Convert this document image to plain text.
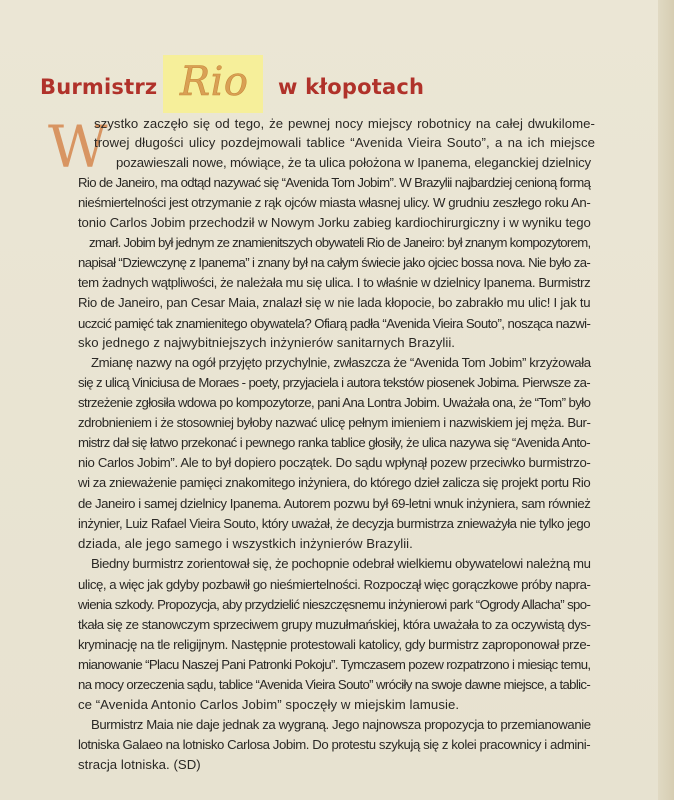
Burmistrz Rio w kłopotach
W
szystko zaczęło się od tego, że pewnej nocy miejscy robotnicy na całej dwukilome-
trowej długości ulicy pozdejmowali tablice “Avenida Vieira Souto”, a na ich miejsce
pozawieszali nowe, mówiące, że ta ulica położona w Ipanema, eleganckiej dzielnicy
Rio de Janeiro, ma odtąd nazywać się “Avenida Tom Jobim”. W Brazylii najbardziej cenioną formą
nieśmiertelności jest otrzymanie z rąk ojców miasta własnej ulicy. W grudniu zeszłego roku An-
tonio Carlos Jobim przechodził w Nowym Jorku zabieg kardiochirurgiczny i w wyniku tego
zmarł. Jobim był jednym ze znamienitszych obywateli Rio de Janeiro: był znanym kompozytorem,
napisał “Dziewczynę z Ipanema” i znany był na całym świecie jako ojciec bossa nova. Nie było za-
tem żadnych wątpliwości, że należała mu się ulica. I to właśnie w dzielnicy Ipanema. Burmistrz
Rio de Janeiro, pan Cesar Maia, znalazł się w nie lada kłopocie, bo zabrakło mu ulic! I jak tu
uczcić pamięć tak znamienitego obywatela? Ofiarą padła “Avenida Vieira Souto”, nosząca nazwi-
sko jednego z najwybitniejszych inżynierów sanitarnych Brazylii.
Zmianę nazwy na ogół przyjęto przychylnie, zwłaszcza że “Avenida Tom Jobim” krzyżowała
się z ulicą Viniciusa de Moraes - poety, przyjaciela i autora tekstów piosenek Jobima. Pierwsze za-
strzeżenie zgłosiła wdowa po kompozytorze, pani Ana Lontra Jobim. Uważała ona, że “Tom” było
zdrobnieniem i że stosowniej byłoby nazwać ulicę pełnym imieniem i nazwiskiem jej męża. Bur-
mistrz dał się łatwo przekonać i pewnego ranka tablice głosiły, że ulica nazywa się “Avenida Anto-
nio Carlos Jobim”. Ale to był dopiero początek. Do sądu wpłynął pozew przeciwko burmistrzo-
wi za znieważenie pamięci znakomitego inżyniera, do którego dzieł zalicza się projekt portu Rio
de Janeiro i samej dzielnicy Ipanema. Autorem pozwu był 69-letni wnuk inżyniera, sam również
inżynier, Luiz Rafael Vieira Souto, który uważał, że decyzja burmistrza znieważyła nie tylko jego
dziada, ale jego samego i wszystkich inżynierów Brazylii.
Biedny burmistrz zorientował się, że pochopnie odebrał wielkiemu obywatelowi należną mu
ulicę, a więc jak gdyby pozbawił go nieśmiertelności. Rozpoczął więc gorączkowe próby napra-
wienia szkody. Propozycja, aby przydzielić nieszczęsnemu inżynierowi park “Ogrody Allacha” spo-
tkała się ze stanowczym sprzeciwem grupy muzułmańskiej, która uważała to za oczywistą dys-
kryminację na tle religijnym. Następnie protestowali katolicy, gdy burmistrz zaproponował prze-
mianowanie “Placu Naszej Pani Patronki Pokoju”. Tymczasem pozew rozpatrzono i miesiąc temu,
na mocy orzeczenia sądu, tablice “Avenida Vieira Souto” wróciły na swoje dawne miejsce, a tablic-
ce “Avenida Antonio Carlos Jobim” spoczęły w miejskim lamusie.
Burmistrz Maia nie daje jednak za wygraną. Jego najnowsza propozycja to przemianowanie
lotniska Galaeo na lotnisko Carlosa Jobim. Do protestu szykują się z kolei pracownicy i admini-
stracja lotniska. (SD)
